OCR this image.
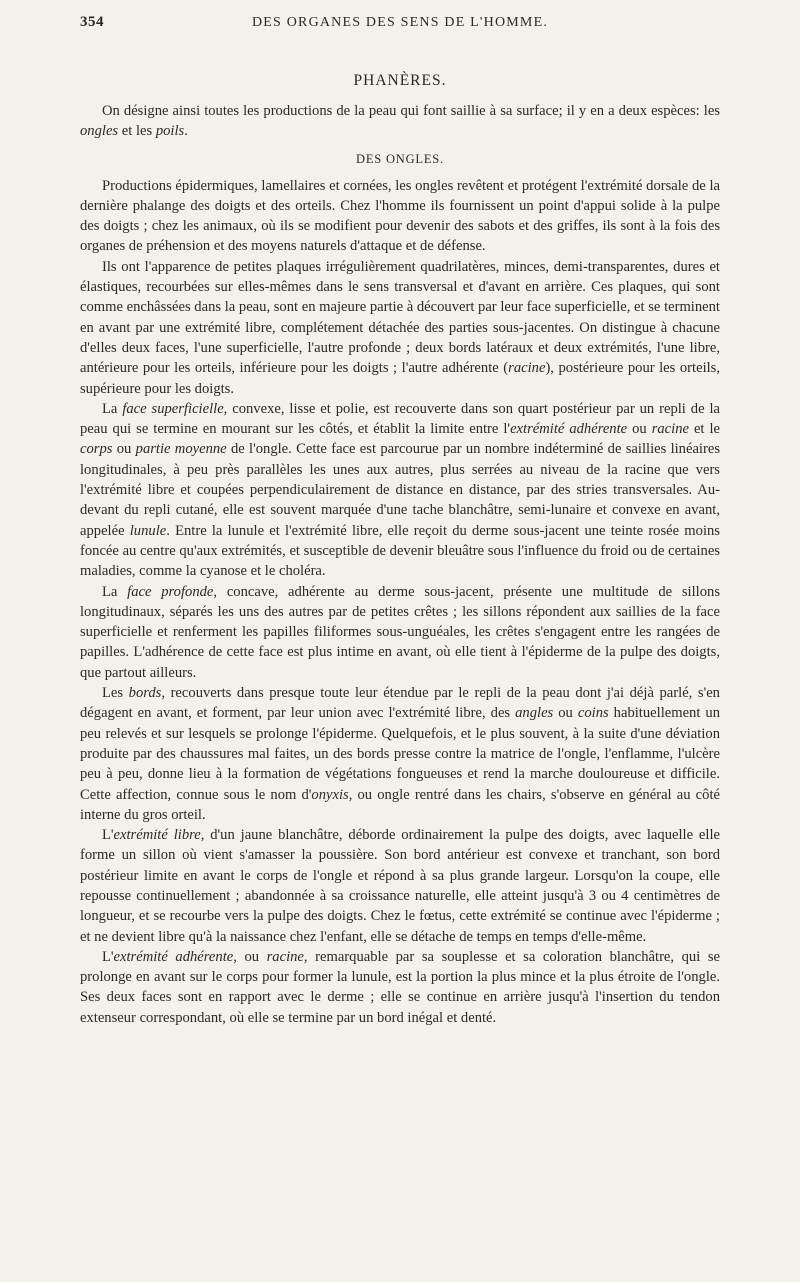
354	DES ORGANES DES SENS DE L'HOMME.
PHANÈRES.

On désigne ainsi toutes les productions de la peau qui font saillie à sa surface; il y en a deux espèces: les ongles et les poils.

DES ONGLES.

Productions épidermiques, lamellaires et cornées, les ongles revêtent et protégent l'extrémité dorsale de la dernière phalange des doigts et des orteils. Chez l'homme ils fournissent un point d'appui solide à la pulpe des doigts ; chez les animaux, où ils se modifient pour devenir des sabots et des griffes, ils sont à la fois des organes de préhension et des moyens naturels d'attaque et de défense.

Ils ont l'apparence de petites plaques irrégulièrement quadrilatères, minces, demi-transparentes, dures et élastiques, recourbées sur elles-mêmes dans le sens transversal et d'avant en arrière. Ces plaques, qui sont comme enchâssées dans la peau, sont en majeure partie à découvert par leur face superficielle, et se terminent en avant par une extrémité libre, complétement détachée des parties sous-jacentes. On distingue à chacune d'elles deux faces, l'une superficielle, l'autre profonde ; deux bords latéraux et deux extrémités, l'une libre, antérieure pour les orteils, inférieure pour les doigts ; l'autre adhérente (racine), postérieure pour les orteils, supérieure pour les doigts.

La face superficielle, convexe, lisse et polie, est recouverte dans son quart postérieur par un repli de la peau qui se termine en mourant sur les côtés, et établit la limite entre l'extrémité adhérente ou racine et le corps ou partie moyenne de l'ongle. Cette face est parcourue par un nombre indéterminé de saillies linéaires longitudinales, à peu près parallèles les unes aux autres, plus serrées au niveau de la racine que vers l'extrémité libre et coupées perpendiculairement de distance en distance, par des stries transversales. Au-devant du repli cutané, elle est souvent marquée d'une tache blanchâtre, semi-lunaire et convexe en avant, appelée lunule. Entre la lunule et l'extrémité libre, elle reçoit du derme sous-jacent une teinte rosée moins foncée au centre qu'aux extrémités, et susceptible de devenir bleuâtre sous l'influence du froid ou de certaines maladies, comme la cyanose et le choléra.

La face profonde, concave, adhérente au derme sous-jacent, présente une multitude de sillons longitudinaux, séparés les uns des autres par de petites crêtes ; les sillons répondent aux saillies de la face superficielle et renferment les papilles filiformes sous-unguéales, les crêtes s'engagent entre les rangées de papilles. L'adhérence de cette face est plus intime en avant, où elle tient à l'épiderme de la pulpe des doigts, que partout ailleurs.

Les bords, recouverts dans presque toute leur étendue par le repli de la peau dont j'ai déjà parlé, s'en dégagent en avant, et forment, par leur union avec l'extrémité libre, des angles ou coins habituellement un peu relevés et sur lesquels se prolonge l'épiderme. Quelquefois, et le plus souvent, à la suite d'une déviation produite par des chaussures mal faites, un des bords presse contre la matrice de l'ongle, l'enflamme, l'ulcère peu à peu, donne lieu à la formation de végétations fongueuses et rend la marche douloureuse et difficile. Cette affection, connue sous le nom d'onyxis, ou ongle rentré dans les chairs, s'observe en général au côté interne du gros orteil.

L'extrémité libre, d'un jaune blanchâtre, déborde ordinairement la pulpe des doigts, avec laquelle elle forme un sillon où vient s'amasser la poussière. Son bord antérieur est convexe et tranchant, son bord postérieur limite en avant le corps de l'ongle et répond à sa plus grande largeur. Lorsqu'on la coupe, elle repousse continuellement ; abandonnée à sa croissance naturelle, elle atteint jusqu'à 3 ou 4 centimètres de longueur, et se recourbe vers la pulpe des doigts. Chez le fœtus, cette extrémité se continue avec l'épiderme ; et ne devient libre qu'à la naissance chez l'enfant, elle se détache de temps en temps d'elle-même.

L'extrémité adhérente, ou racine, remarquable par sa souplesse et sa coloration blanchâtre, qui se prolonge en avant sur le corps pour former la lunule, est la portion la plus mince et la plus étroite de l'ongle. Ses deux faces sont en rapport avec le derme ; elle se continue en arrière jusqu'à l'insertion du tendon extenseur correspondant, où elle se termine par un bord inégal et denté.
